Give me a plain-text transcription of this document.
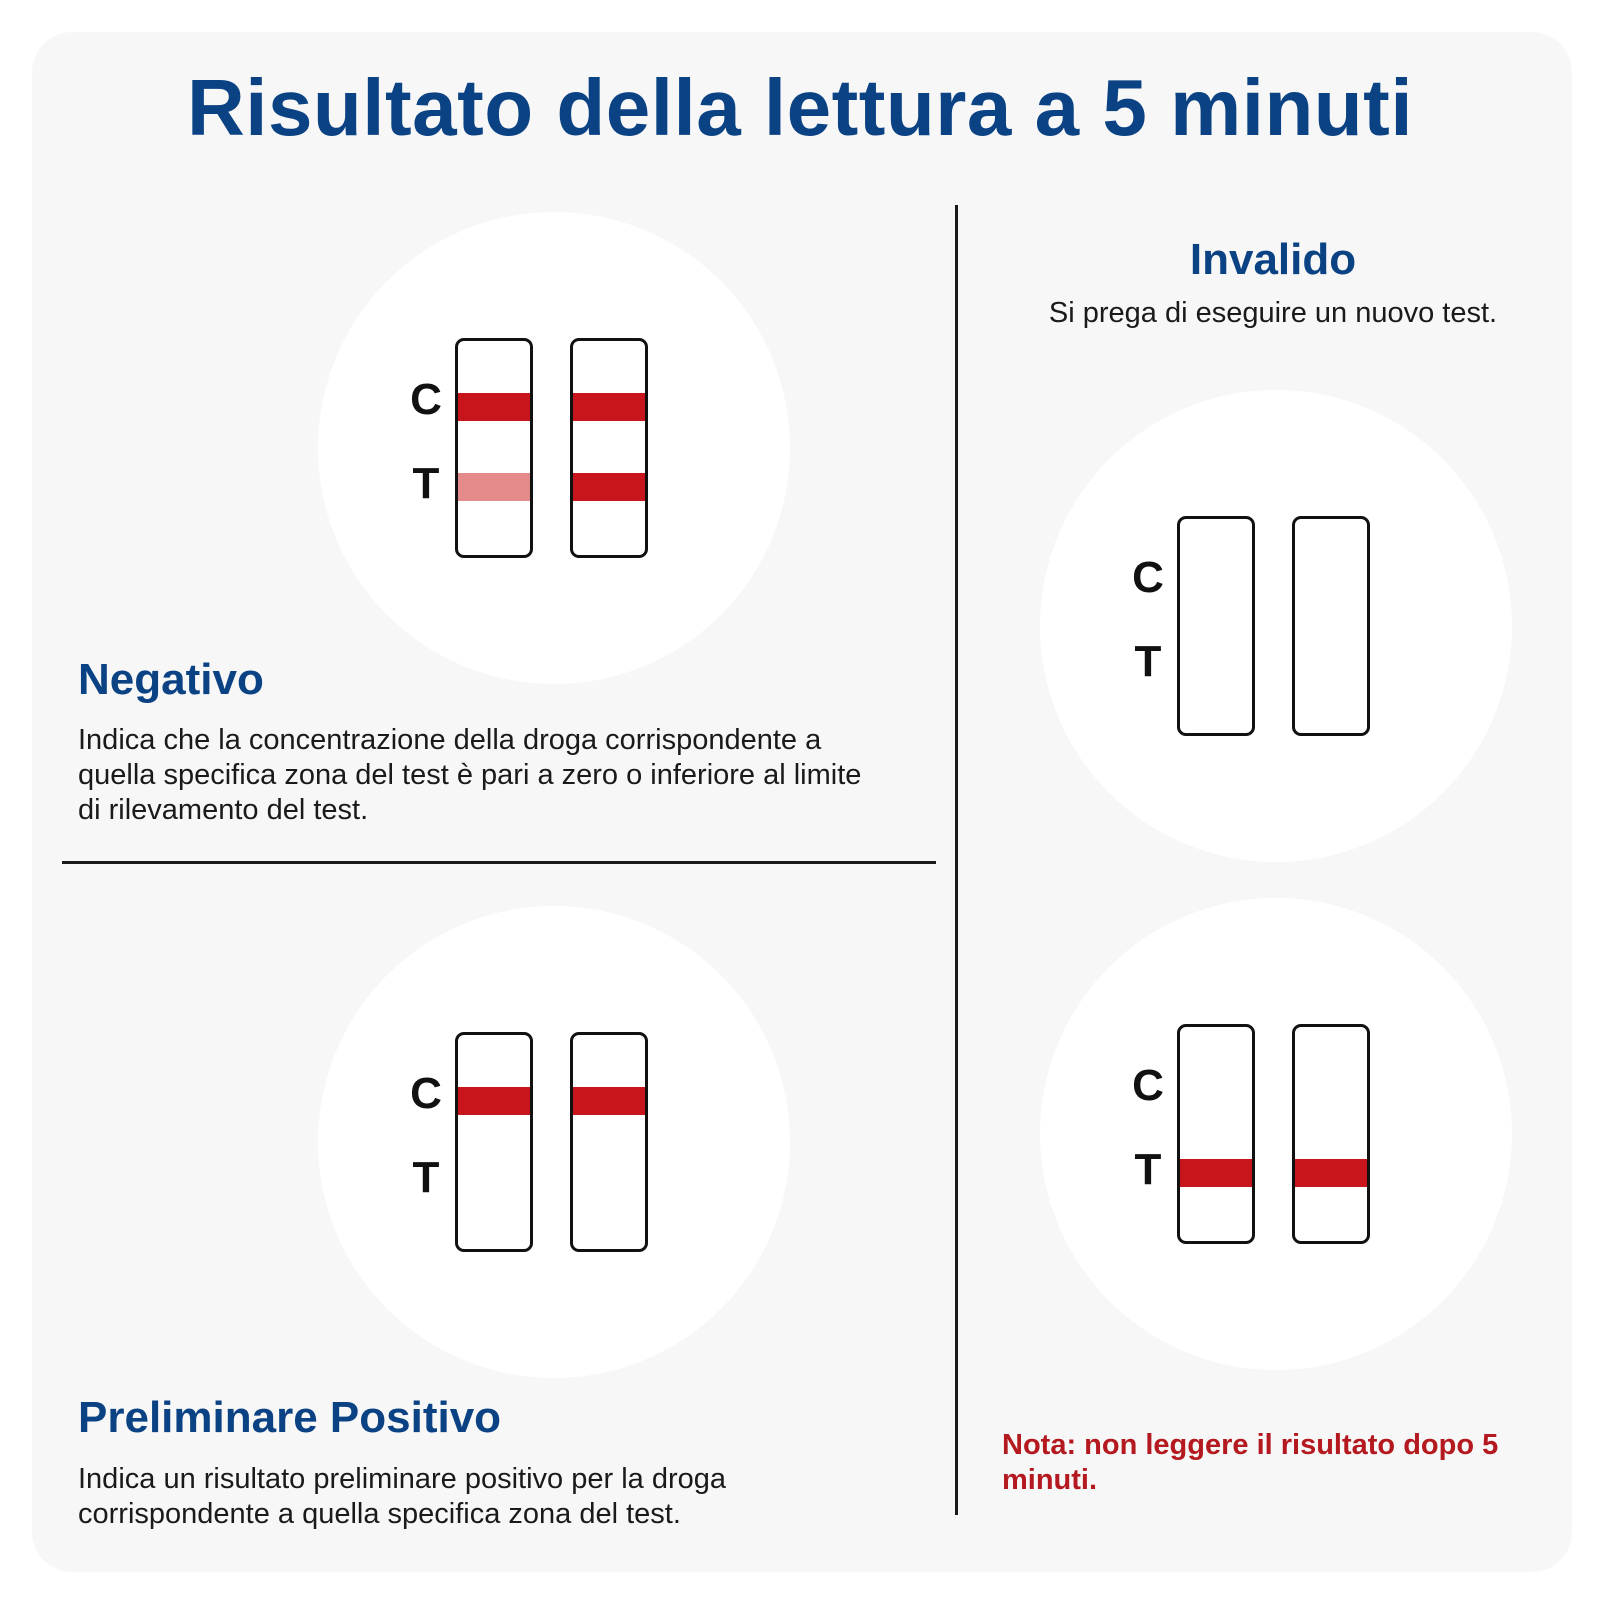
Risultato della lettura a 5 minuti
C
T
Negativo

Indica che la concentrazione della droga corrispondente a quella specifica zona del test è pari a zero o inferiore al limite di rilevamento del test.

C
T
Preliminare Positivo

Indica un risultato preliminare positivo per la droga corrispondente a quella specifica zona del test.

Invalido

Si prega di eseguire un nuovo test.

C
T
C
T

Nota: non leggere il risultato dopo 5 minuti.
